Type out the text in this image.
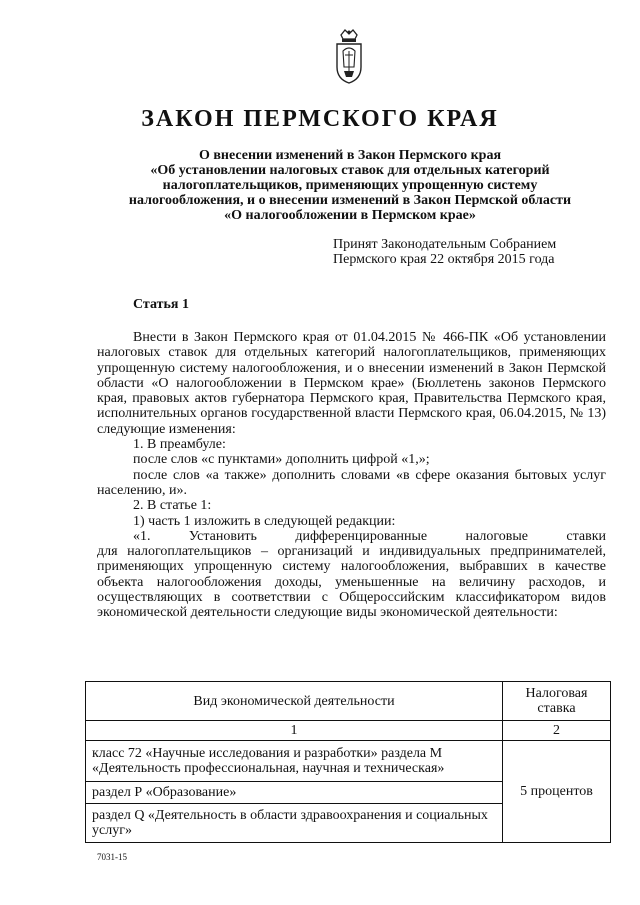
ЗАКОН ПЕРМСКОГО КРАЯ
О внесении изменений в Закон Пермского края
«Об установлении налоговых ставок для отдельных категорий
налогоплательщиков, применяющих упрощенную систему
налогообложения, и о внесении изменений в Закон Пермской области
«О налогообложении в Пермском крае»
Принят Законодательным Собранием
Пермского края 22 октября 2015 года
Статья 1

Внести в Закон Пермского края от 01.04.2015 № 466-ПК «Об установлении налоговых ставок для отдельных категорий налогоплательщиков, применяющих упрощенную систему налогообложения, и о внесении изменений в Закон Пермской области «О налогообложении в Пермском крае» (Бюллетень законов Пермского края, правовых актов губернатора Пермского края, Правительства Пермского края, исполнительных органов государственной власти Пермского края, 06.04.2015, № 13) следующие изменения:

1. В преамбуле:

после слов «с пунктами» дополнить цифрой «1,»;

после слов «а также» дополнить словами «в сфере оказания бытовых услуг населению, и».

2. В статье 1:

1) часть 1 изложить в следующей редакции:

«1. Установить дифференцированные налоговые ставки

для налогоплательщиков – организаций и индивидуальных предпринимателей, применяющих упрощенную систему налогообложения, выбравших в качестве объекта налогообложения доходы, уменьшенные на величину расходов, и осуществляющих в соответствии с Общероссийским классификатором видов экономической деятельности следующие виды экономической деятельности:

Вид экономической деятельности	Налоговая ставка
1	2
класс 72 «Научные исследования и разработки» раздела М «Деятельность профессиональная, научная и техническая»	5 процентов
раздел Р «Образование»	
раздел Q «Деятельность в области здравоохранения и социальных услуг»	
7031-15
